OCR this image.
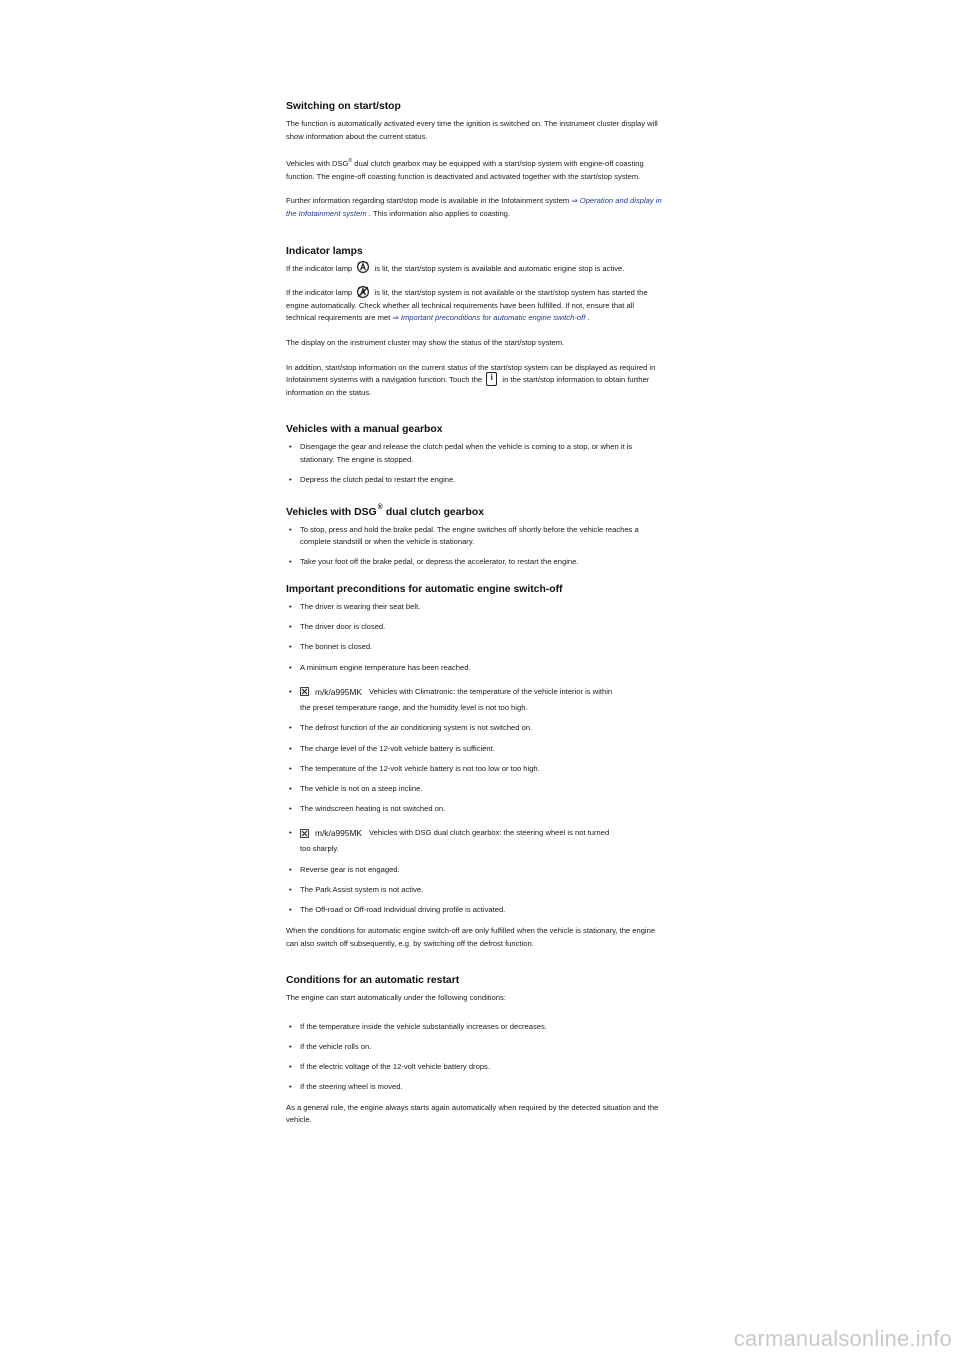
Switching on start/stop

The function is automatically activated every time the ignition is switched on. The instrument cluster display will show information about the current status.

Vehicles with DSG® dual clutch gearbox may be equipped with a start/stop system with engine-off coasting function. The engine-off coasting function is deactivated and activated together with the start/stop system.

Further information regarding start/stop mode is available in the Infotainment system ⇒ Operation and display in the Infotainment system . This information also applies to coasting.

Indicator lamps

If the indicator lamp  is lit, the start/stop system is available and automatic engine stop is active.

If the indicator lamp  is lit, the start/stop system is not available or the start/stop system has started the engine automatically. Check whether all technical requirements have been fulfilled. If not, ensure that all technical requirements are met ⇒ Important preconditions for automatic engine switch-off .

The display on the instrument cluster may show the status of the start/stop system.

In addition, start/stop information on the current status of the start/stop system can be displayed as required in Infotainment systems with a navigation function. Touch the i in the start/stop information to obtain further information on the status.

Vehicles with a manual gearbox
• Disengage the gear and release the clutch pedal when the vehicle is coming to a stop, or when it is stationary. The engine is stopped.
• Depress the clutch pedal to restart the engine.
Vehicles with DSG® dual clutch gearbox
• To stop, press and hold the brake pedal. The engine switches off shortly before the vehicle reaches a complete standstill or when the vehicle is stationary.
• Take your foot off the brake pedal, or depress the accelerator, to restart the engine.
Important preconditions for automatic engine switch-off
• The driver is wearing their seat belt.
• The driver door is closed.
• The bonnet is closed.
• A minimum engine temperature has been reached.
•	m/k/a995MK Vehicles with Climatronic: the temperature of the vehicle interior is within
the preset temperature range, and the humidity level is not too high.
• The defrost function of the air conditioning system is not switched on.
• The charge level of the 12-volt vehicle battery is sufficient.
• The temperature of the 12-volt vehicle battery is not too low or too high.
• The vehicle is not on a steep incline.
• The windscreen heating is not switched on.
•	m/k/a995MK Vehicles with DSG dual clutch gearbox: the steering wheel is not turned
too sharply.
• Reverse gear is not engaged.
• The Park Assist system is not active.
• The Off-road or Off-road Individual driving profile is activated.

When the conditions for automatic engine switch-off are only fulfilled when the vehicle is stationary, the engine can also switch off subsequently, e.g. by switching off the defrost function.

Conditions for an automatic restart

The engine can start automatically under the following conditions:

• If the temperature inside the vehicle substantially increases or decreases.
• If the vehicle rolls on.
• If the electric voltage of the 12-volt vehicle battery drops.
• If the steering wheel is moved.

As a general rule, the engine always starts again automatically when required by the detected situation and the vehicle.

carmanualsonline.info
